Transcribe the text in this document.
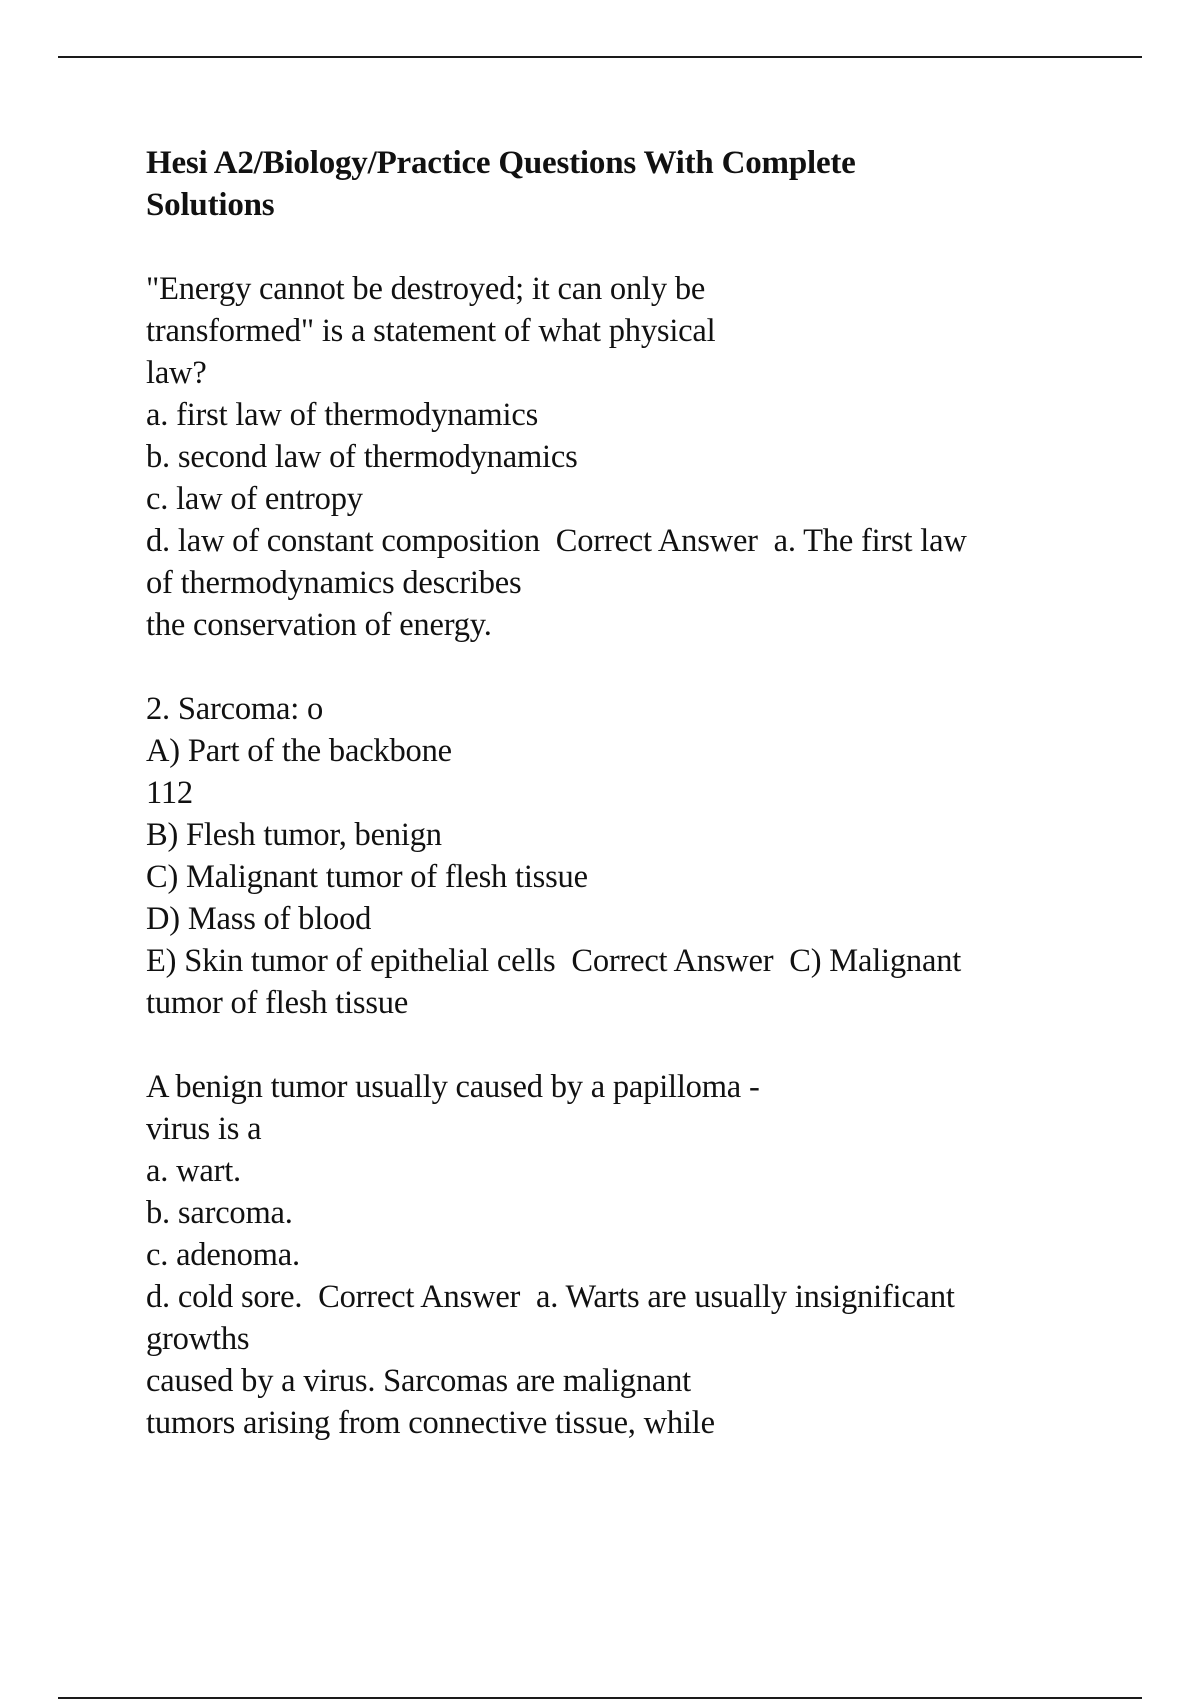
Hesi A2/Biology/Practice Questions With Complete
Solutions
"Energy cannot be destroyed; it can only be
transformed" is a statement of what physical
law?
a. first law of thermodynamics
b. second law of thermodynamics
c. law of entropy
d. law of constant composition  Correct Answer  a. The first law
of thermodynamics describes
the conservation of energy.
2. Sarcoma: o
A) Part of the backbone
112
B) Flesh tumor, benign
C) Malignant tumor of flesh tissue
D) Mass of blood
E) Skin tumor of epithelial cells  Correct Answer  C) Malignant
tumor of flesh tissue
A benign tumor usually caused by a papilloma -
virus is a
a. wart.
b. sarcoma.
c. adenoma.
d. cold sore.  Correct Answer  a. Warts are usually insignificant
growths
caused by a virus. Sarcomas are malignant
tumors arising from connective tissue, while
